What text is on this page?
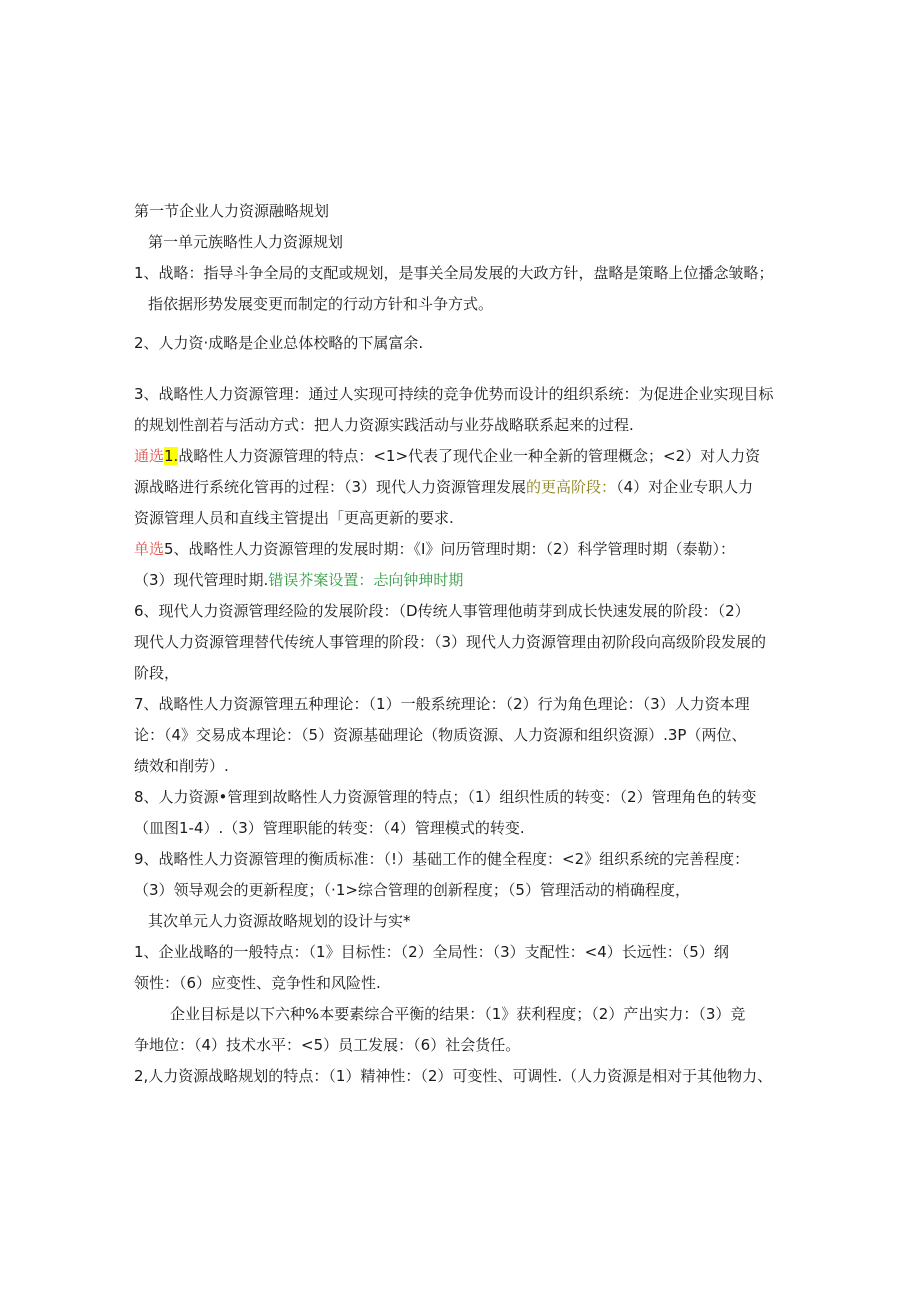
第一节企业人力资源融略规划
第一单元族略性人力资源规划
1、战略：指导斗争全局的支配或规划，是事关全局发展的大政方针，盘略是策略上位播念皱略；
指依据形势发展变更而制定的行动方针和斗争方式。
2、人力资·成略是企业总体校略的下属富余.
3、战略性人力资源管理：通过人实现可持续的竞争优势而设计的组织系统：为促进企业实现目标
的规划性剖若与活动方式：把人力资源实践活动与业芬战略联系起来的过程.
通选1.战略性人力资源管理的特点：<1>代表了现代企业一种全新的管理概念；<2）对人力资
源战略进行系统化管再的过程：（3）现代人力资源管理发展的更高阶段：（4）对企业专职人力
资源管理人员和直线主管提出「更高更新的要求.
单选5、战略性人力资源管理的发展时期：《I》问历管理时期：（2）科学管理时期（泰勒）：
（3）现代管理时期.错误芥案设置：忐向钟珅时期
6、现代人力资源管理经险的发展阶段：（D传统人事管理他萌芽到成长快速发展的阶段：（2）
现代人力资源管理替代传统人事管理的阶段：（3）现代人力资源管理由初阶段向高级阶段发展的
阶段，
7、战略性人力资源管理五种理论：（1）一般系统理论：（2）行为角色理论：（3）人力资本理
论：（4》交易成本理论：（5）资源基础理论（物质资源、人力资源和组织资源）.3P（两位、
绩效和削劳）.
8、人力资源•管理到故略性人力资源管理的特点；（1）组织性质的转变：（2）管理角色的转变
（皿图1-4）.（3）管理职能的转变：（4）管理模式的转变.
9、战略性人力资源管理的衡质标准：（!）基础工作的健全程度：<2》组织系统的完善程度：
（3）领导观会的更新程度；（·1>综合管理的创新程度；（5）管理活动的梢确程度，
其次单元人力资源故略规划的设计与实*
1、企业战略的一般特点：（1》目标性：（2）全局性：（3）支配性：<4）长远性：（5）纲
领性：（6）应变性、竞争性和风险性.
企业目标是以下六种%本要素综合平衡的结果：（1》获利程度；（2）产出实力：（3）竞
争地位：（4）技术水平：<5）员工发展：（6）社会货任。
2,人力资源战略规划的特点：（1）精神性：（2）可变性、可调性.（人力资源是相对于其他物力、
